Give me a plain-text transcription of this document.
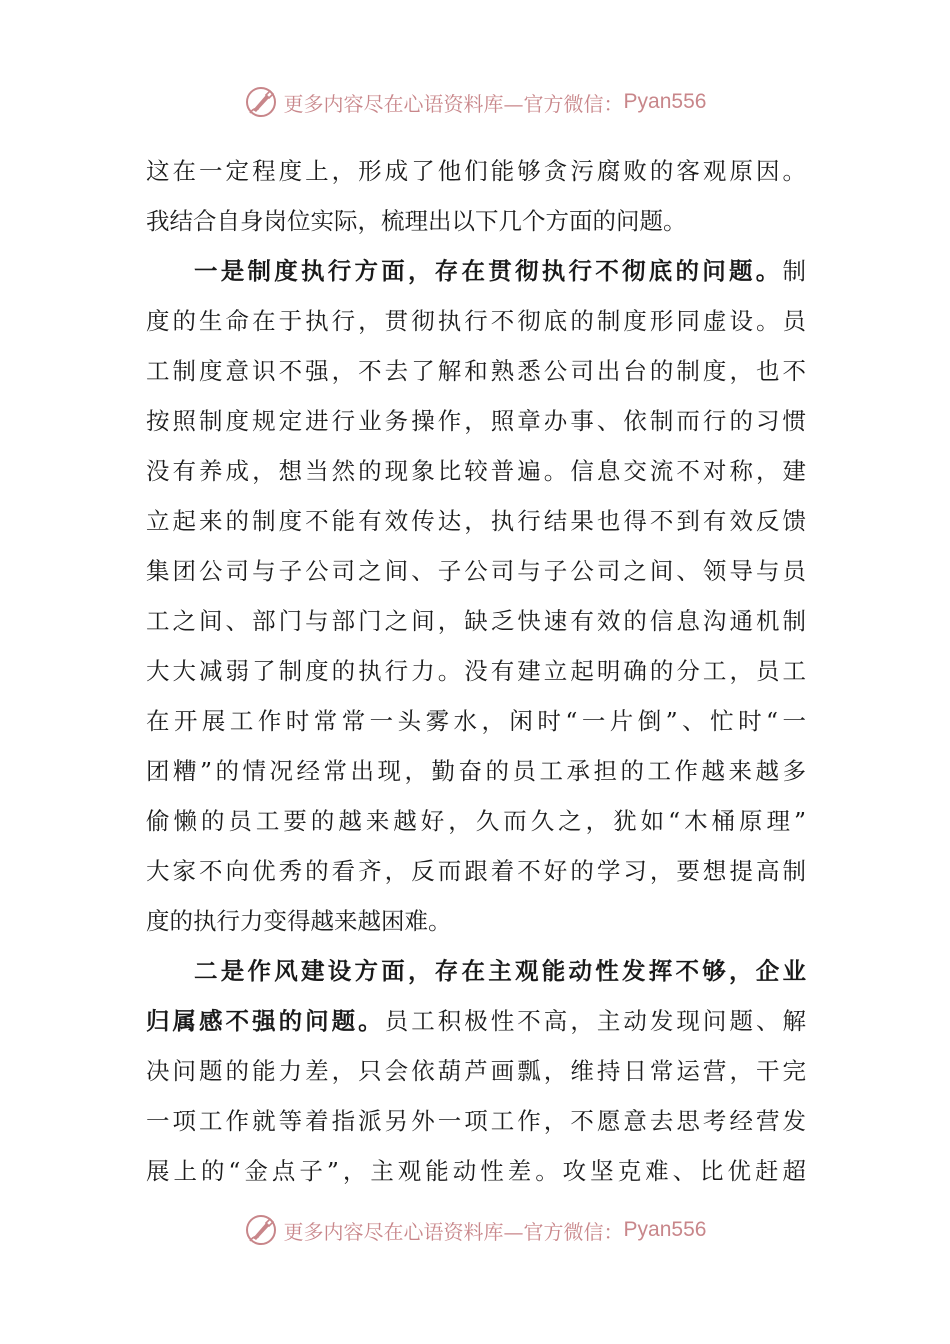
更多内容尽在心语资料库—官方微信： Pyan556
这在一定程度上，形成了他们能够贪污腐败的客观原因。
我结合自身岗位实际，梳理出以下几个方面的问题。
一是制度执行方面，存在贯彻执行不彻底的问题。制
度的生命在于执行，贯彻执行不彻底的制度形同虚设。员
工制度意识不强，不去了解和熟悉公司出台的制度，也不
按照制度规定进行业务操作，照章办事、依制而行的习惯
没有养成，想当然的现象比较普遍。信息交流不对称，建
立起来的制度不能有效传达，执行结果也得不到有效反馈
集团公司与子公司之间、子公司与子公司之间、领导与员
工之间、部门与部门之间，缺乏快速有效的信息沟通机制
大大减弱了制度的执行力。没有建立起明确的分工，员工
在开展工作时常常一头雾水，闲时“一片倒”、忙时“一
团糟”的情况经常出现，勤奋的员工承担的工作越来越多
偷懒的员工要的越来越好，久而久之，犹如“木桶原理”
大家不向优秀的看齐，反而跟着不好的学习，要想提高制
度的执行力变得越来越困难。
二是作风建设方面，存在主观能动性发挥不够，企业
归属感不强的问题。员工积极性不高，主动发现问题、解
决问题的能力差，只会依葫芦画瓢，维持日常运营，干完
一项工作就等着指派另外一项工作，不愿意去思考经营发
展上的“金点子”，主观能动性差。攻坚克难、比优赶超
更多内容尽在心语资料库—官方微信： Pyan556
